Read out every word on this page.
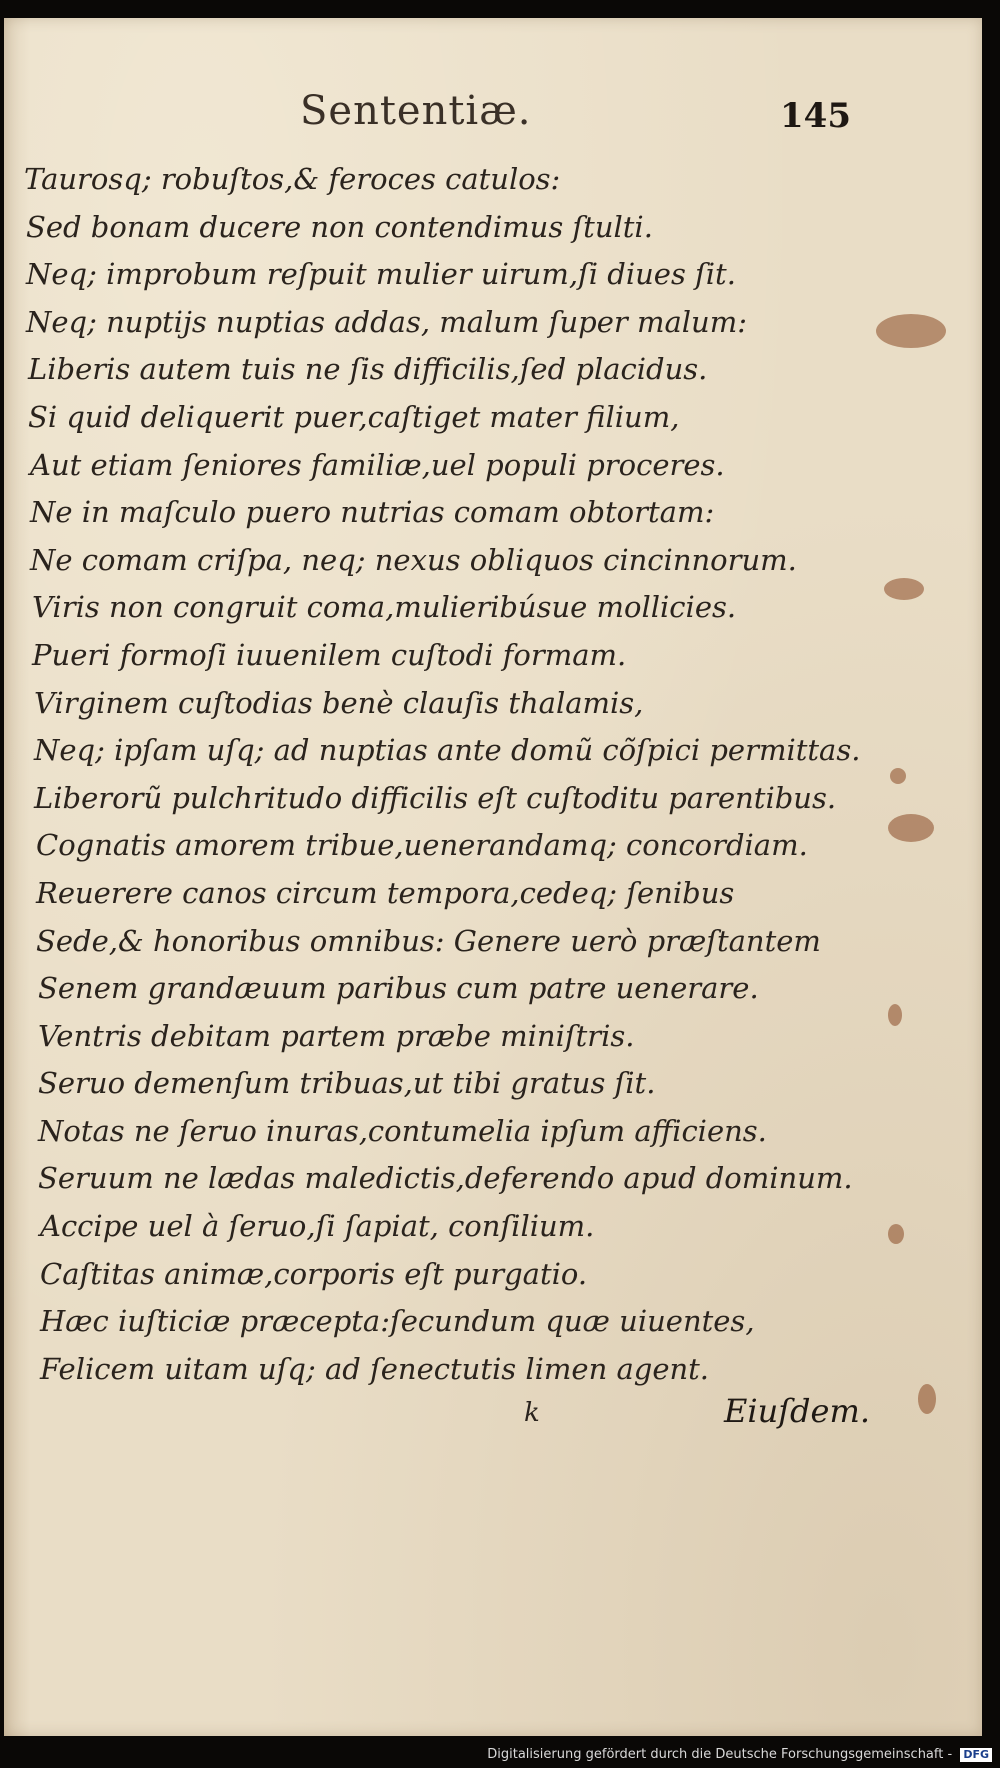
Sententiæ.	145
Taurosq; robuſtos,& feroces catulos:
Sed bonam ducere non contendimus ſtulti.
Neq; improbum reſpuit mulier uirum,ſi diues ſit.
Neq; nuptijs nuptias addas, malum ſuper malum:
Liberis autem tuis ne ſis difficilis,ſed placidus.
Si quid deliquerit puer,caſtiget mater filium,
Aut etiam ſeniores familiæ,uel populi proceres.
Ne in maſculo puero nutrias comam obtortam:
Ne comam criſpa, neq; nexus obliquos cincinnorum.
Viris non congruit coma,mulieribúsue mollicies.
Pueri formoſi iuuenilem cuſtodi formam.
Virginem cuſtodias benè clauſis thalamis,
Neq; ipſam uſq; ad nuptias ante domũ cõſpici permittas.
Liberorũ pulchritudo difficilis eſt cuſtoditu parentibus.
Cognatis amorem tribue,uenerandamq; concordiam.
Reuerere canos circum tempora,cedeq; ſenibus
Sede,& honoribus omnibus: Genere uerò præſtantem
Senem grandæuum paribus cum patre uenerare.
Ventris debitam partem præbe miniſtris.
Seruo demenſum tribuas,ut tibi gratus ſit.
Notas ne ſeruo inuras,contumelia ipſum afficiens.
Seruum ne lædas maledictis,deferendo apud dominum.
Accipe uel à ſeruo,ſi ſapiat, conſilium.
Caſtitas animæ,corporis eſt purgatio.
Hæc iuſticiæ præcepta:ſecundum quæ uiuentes,
Felicem uitam uſq; ad ſenectutis limen agent.
k	Eiuſdem.
Digitalisierung gefördert durch die Deutsche Forschungsgemeinschaft - DFG
